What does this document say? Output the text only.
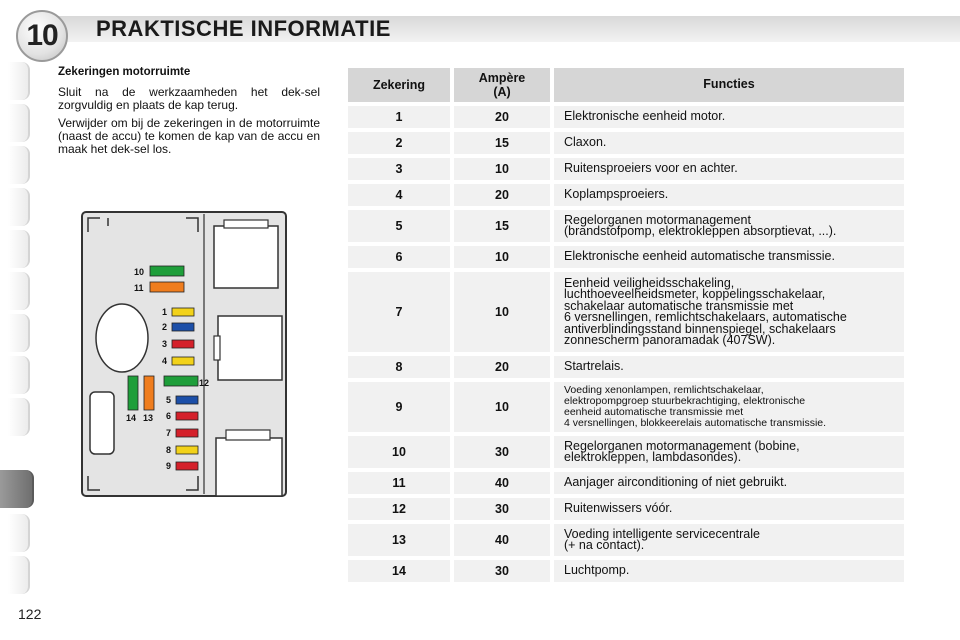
10	PRAKTISCHE INFORMATIE
Zekeringen motorruimte

Sluit na de werkzaamheden het dek-sel zorgvuldig en plaats de kap terug.

Verwijder om bij de zekeringen in de motorruimte (naast de accu) te komen de kap van de accu en maak het dek-sel los.

10
11
1
2
3
4
12
5
6
7
8
9
14 13
Zekering	Ampère
(A)
Functies
1	20	Elektronische eenheid motor.
2	15	Claxon.
3	10	Ruitensproeiers voor en achter.
4	20	Koplampsproeiers.
5	15	Regelorganen motormanagement
(brandstofpomp, elektrokleppen absorptievat, ...).
6	10	Elektronische eenheid automatische transmissie.
7	10
Eenheid veiligheidsschakeling,
luchthoeveelheidsmeter, koppelingsschakelaar,
schakelaar automatische transmissie met
6 versnellingen, remlichtschakelaars, automatische
antiverblindingsstand binnenspiegel, schakelaars
zonnescherm panoramadak (407SW).
8	20	Startrelais.
9	10
Voeding xenonlampen, remlichtschakelaar,
elektropompgroep stuurbekrachtiging, elektronische
eenheid automatische transmissie met
4 versnellingen, blokkeerelais automatische transmissie.
10	30	Regelorganen motormanagement (bobine,
elektrokleppen, lambdasondes).
11	40	Aanjager airconditioning of niet gebruikt.
12	30	Ruitenwissers vóór.
13	40	Voeding intelligente servicecentrale
(+ na contact).
14	30	Luchtpomp.
122
